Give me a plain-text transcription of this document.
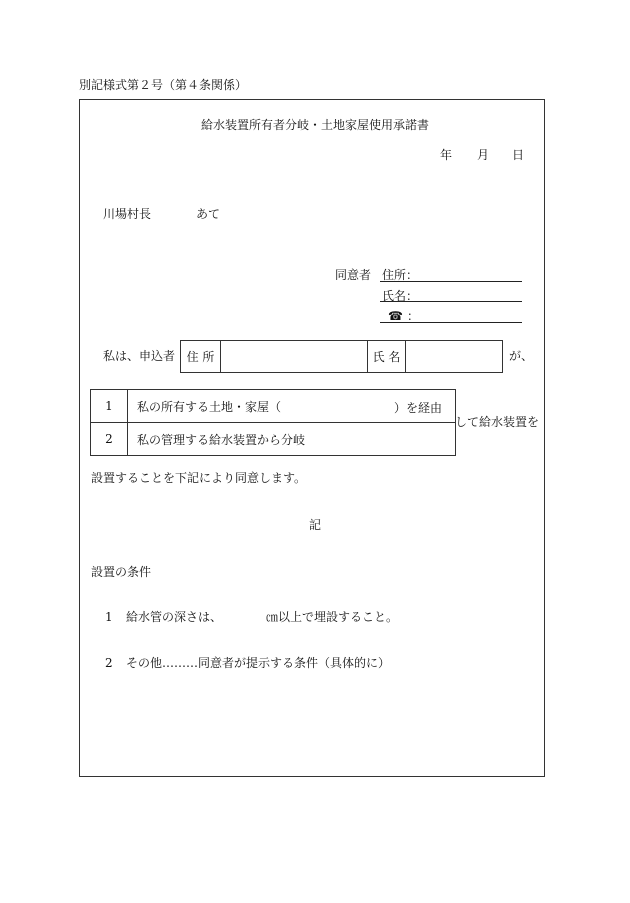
別記様式第２号（第４条関係）
給水装置所有者分岐・土地家屋使用承諾書
年 月 日
川場村長	あて
同意者 住所：
氏名：
☎ ：
私は、申込者 住 所		氏 名		が、
1	私の所有する土地・家屋（ ）を経由

2	私の管理する給水装置から分岐
して給水装置を
設置することを下記により同意します。
記
設置の条件
1 給水管の深さは、	㎝以上で埋設すること。
2 その他………同意者が提示する条件（具体的に）
